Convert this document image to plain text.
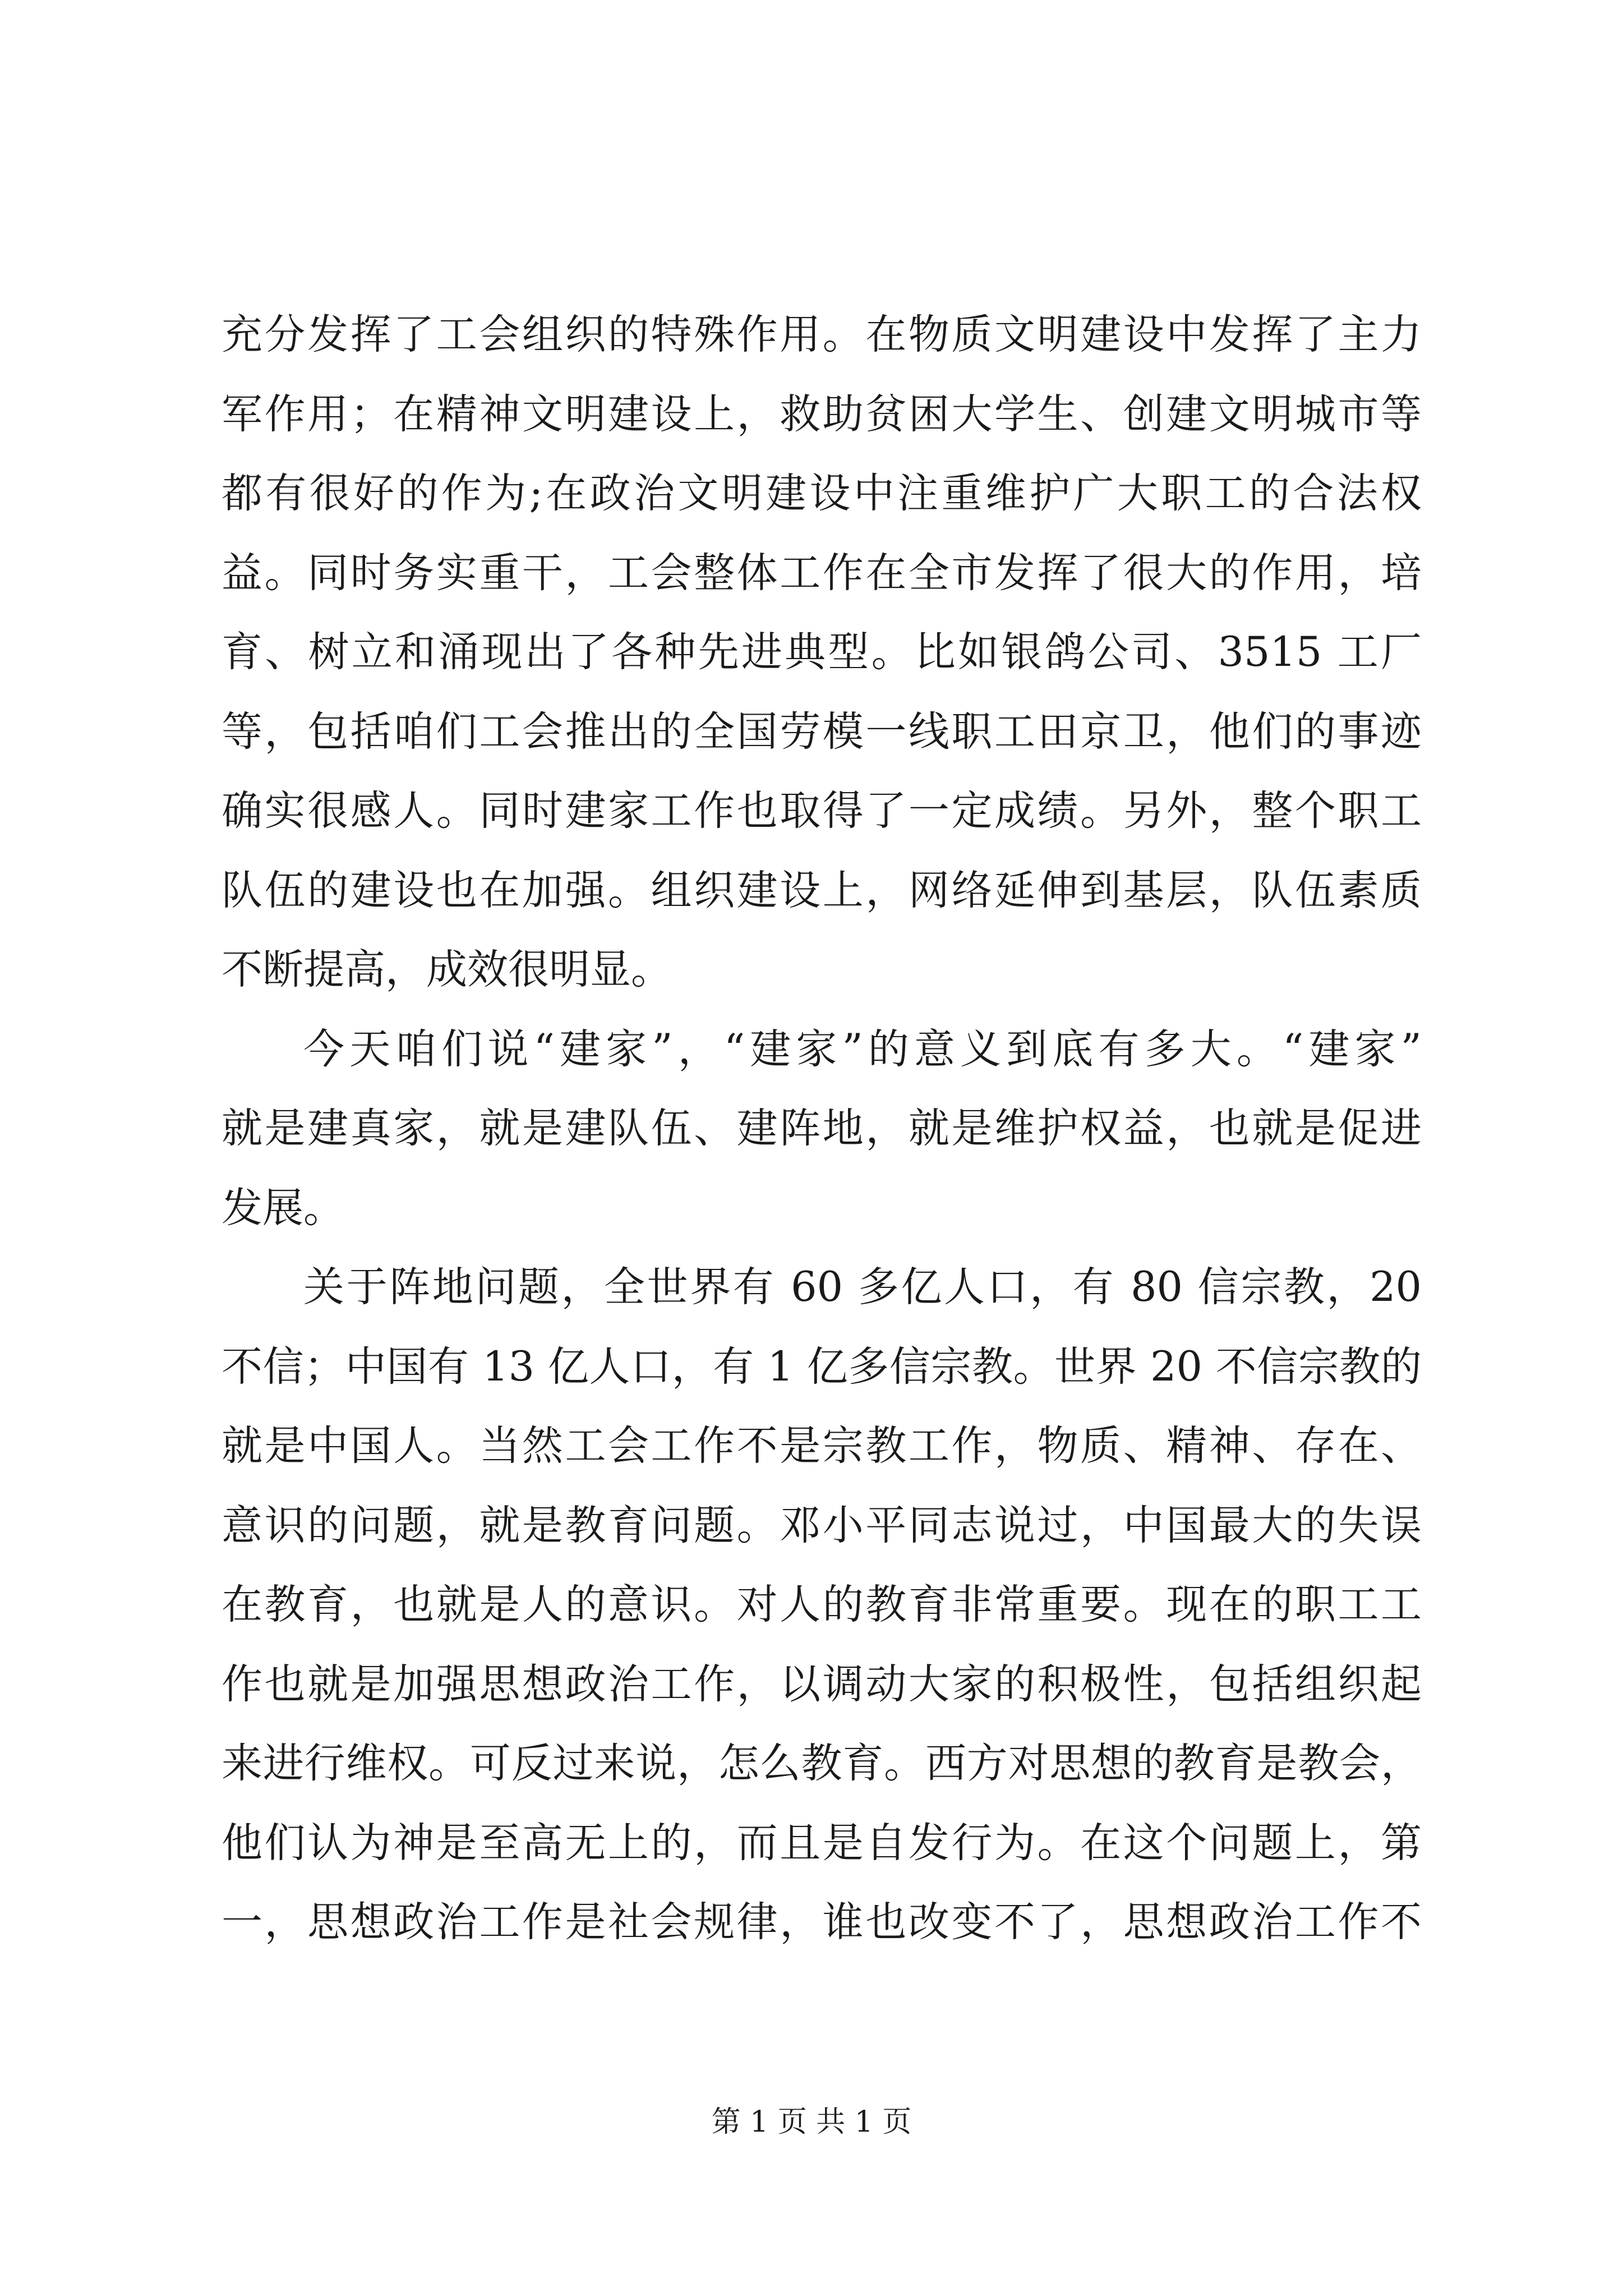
充分发挥了工会组织的特殊作用。在物质文明建设中发挥了主力
军作用；在精神文明建设上，救助贫困大学生、创建文明城市等
都有很好的作为;在政治文明建设中注重维护广大职工的合法权
益。同时务实重干，工会整体工作在全市发挥了很大的作用，培
育、树立和涌现出了各种先进典型。比如银鸽公司、3515 工厂
等，包括咱们工会推出的全国劳模一线职工田京卫，他们的事迹
确实很感人。同时建家工作也取得了一定成绩。另外，整个职工
队伍的建设也在加强。组织建设上，网络延伸到基层，队伍素质
不断提高，成效很明显。
今天咱们说“建家”，“建家”的意义到底有多大。“建家”
就是建真家，就是建队伍、建阵地，就是维护权益，也就是促进
发展。
关于阵地问题，全世界有 60 多亿人口，有 80 信宗教，20
不信；中国有 13 亿人口，有 1 亿多信宗教。世界 20 不信宗教的
就是中国人。当然工会工作不是宗教工作，物质、精神、存在、
意识的问题，就是教育问题。邓小平同志说过，中国最大的失误
在教育，也就是人的意识。对人的教育非常重要。现在的职工工
作也就是加强思想政治工作，以调动大家的积极性，包括组织起
来进行维权。可反过来说，怎么教育。西方对思想的教育是教会，
他们认为神是至高无上的，而且是自发行为。在这个问题上，第
一，思想政治工作是社会规律，谁也改变不了，思想政治工作不
第 1 页 共 1 页
